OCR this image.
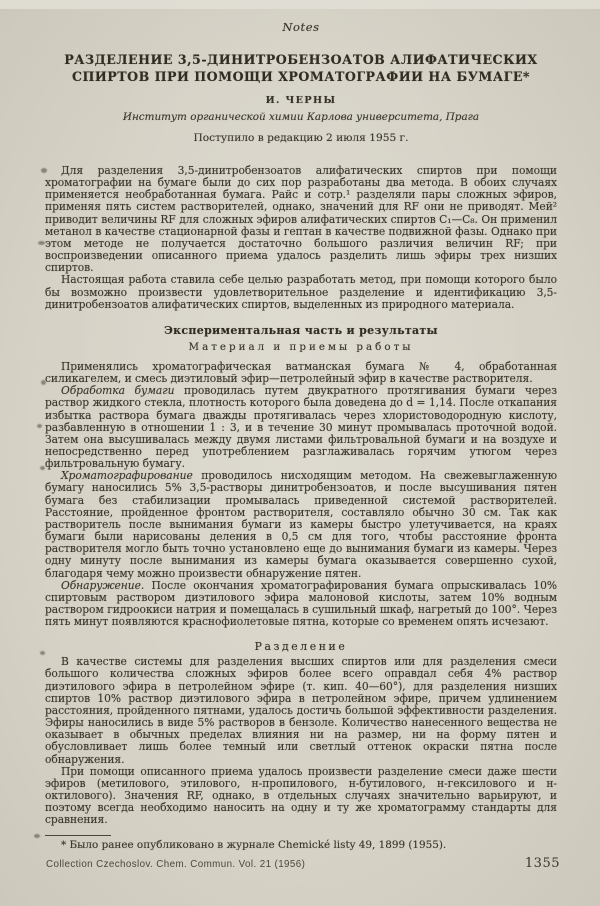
Notes
РАЗДЕЛЕНИЕ 3,5-ДИНИТРОБЕНЗОАТОВ АЛИФАТИЧЕСКИХ
СПИРТОВ ПРИ ПОМОЩИ ХРОМАТОГРАФИИ НА БУМАГЕ*
И. ЧЕРНЫ
Институт органической химии Карлова университета, Прага
Поступило в редакцию 2 июля 1955 г.

Для разделения 3,5-динитробензоатов алифатических спиртов при помощи хроматографии на бумаге были до сих пор разработаны два метода. В обоих случаях применяется необработанная бумага. Райс и сотр.¹ разделяли пары сложных эфиров, применяя пять систем растворителей, однако, значений для RF они не приводят. Мей² приводит величины RF для сложных эфиров алифатических спиртов C₁—C₈. Он применил метанол в качестве стационарной фазы и гептан в качестве подвижной фазы. Однако при этом методе не получается достаточно большого различия величин RF; при воспроизведении описанного приема удалось разделить лишь эфиры трех низших спиртов.

Настоящая работа ставила себе целью разработать метод, при помощи которого было бы возможно произвести удовлетворительное разделение и идентификацию 3,5-динитробензоатов алифатических спиртов, выделенных из природного материала.

Экспериментальная часть и результаты
Материал и приемы работы

Применялись хроматографическая ватманская бумага № 4, обработанная силикагелем, и смесь диэтиловый эфир—петролейный эфир в качестве растворителя.

Обработка бумаги проводилась путем двукратного протягивания бумаги через раствор жидкого стекла, плотность которого была доведена до d = 1,14. После откапания избытка раствора бумага дважды протягивалась через хлористоводородную кислоту, разбавленную в отношении 1 : 3, и в течение 30 минут промывалась проточной водой. Затем она высушивалась между двумя листами фильтровальной бумаги и на воздухе и непосредственно перед употреблением разглаживалась горячим утюгом через фильтровальную бумагу.

Хроматографирование проводилось нисходящим методом. На свежевыглаженную бумагу наносились 5% 3,5-растворы динитробензоатов, и после высушивания пятен бумага без стабилизации промывалась приведенной системой растворителей. Расстояние, пройденное фронтом растворителя, составляло обычно 30 см. Так как растворитель после вынимания бумаги из камеры быстро улетучивается, на краях бумаги были нарисованы деления в 0,5 см для того, чтобы расстояние фронта растворителя могло быть точно установлено еще до вынимания бумаги из камеры. Через одну минуту после вынимания из камеры бумага оказывается совершенно сухой, благодаря чему можно произвести обнаружение пятен.

Обнаружение. После окончания хроматографирования бумага опрыскивалась 10% спиртовым раствором диэтилового эфира малоновой кислоты, затем 10% водным раствором гидроокиси натрия и помещалась в сушильный шкаф, нагретый до 100°. Через пять минут появляются краснофиолетовые пятна, которые со временем опять исчезают.

Разделение

В качестве системы для разделения высших спиртов или для разделения смеси большого количества сложных эфиров более всего оправдал себя 4% раствор диэтилового эфира в петролейном эфире (т. кип. 40—60°), для разделения низших спиртов 10% раствор диэтилового эфира в петролейном эфире, причем удлинением расстояния, пройденного пятнами, удалось достичь большой эффективности разделения. Эфиры наносились в виде 5% растворов в бензоле. Количество нанесенного вещества не оказывает в обычных пределах влияния ни на размер, ни на форму пятен и обусловливает лишь более темный или светлый оттенок окраски пятна после обнаружения.

При помощи описанного приема удалось произвести разделение смеси даже шести эфиров (метилового, этилового, н-пропилового, н-бутилового, н-гексилового и н-октилового). Значения RF, однако, в отдельных случаях значительно варьируют, и поэтому всегда необходимо наносить на одну и ту же хроматограмму стандарты для сравнения.

* Было ранее опубликовано в журнале Chemické listy 49, 1899 (1955).

Collection Czechoslov. Chem. Commun. Vol. 21 (1956)	1355
